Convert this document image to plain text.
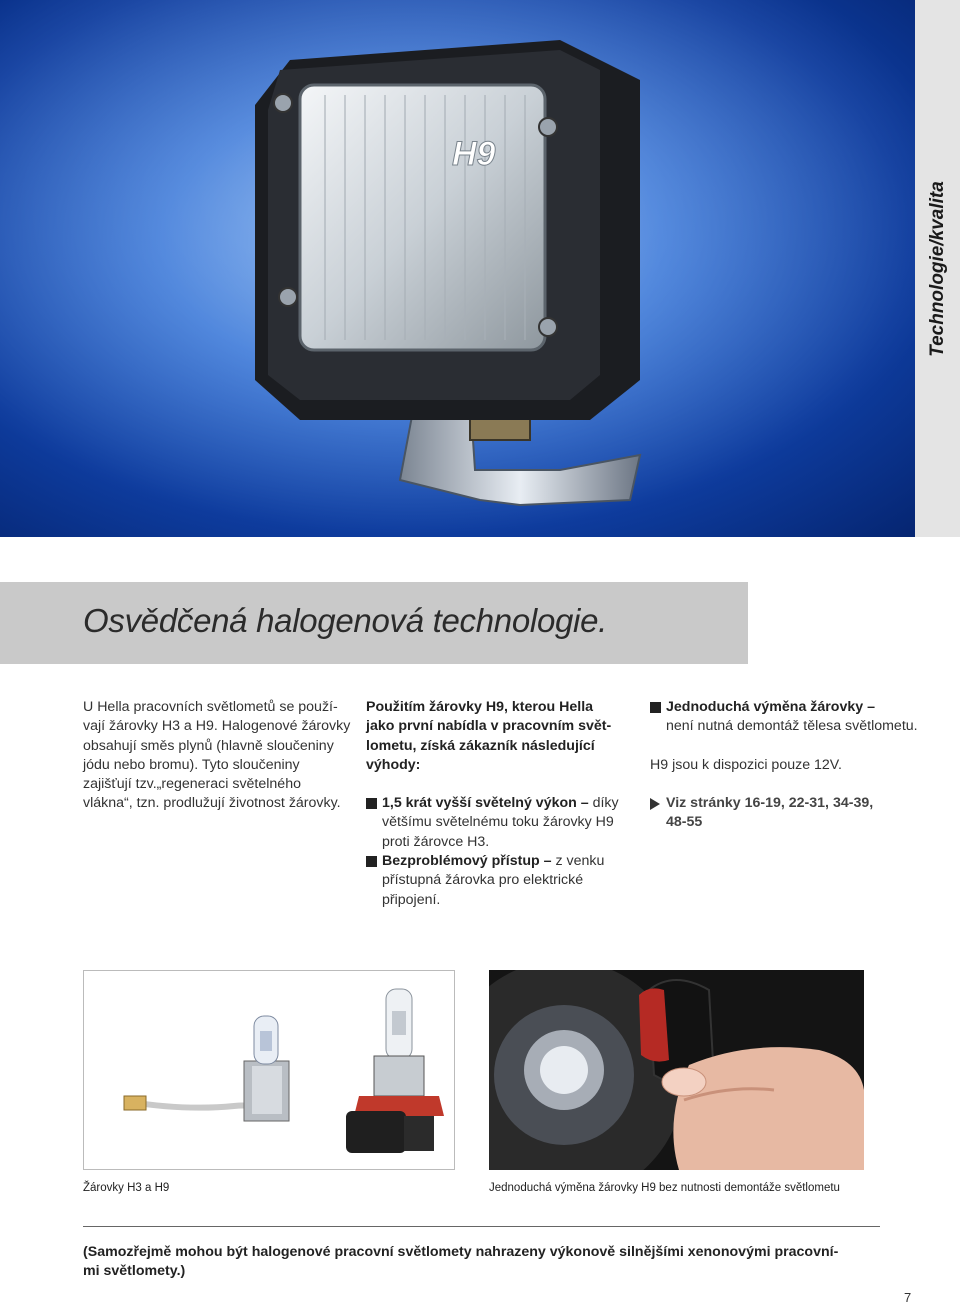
H9
Technologie/kvalita
Osvědčená halogenová technologie.
U Hella pracovních světlometů se použí-
vají žárovky H3 a H9. Halogenové žárovky
obsahují směs plynů (hlavně sloučeniny
jódu nebo bromu). Tyto sloučeniny
zajišťují tzv.„regeneraci světelného
vlákna“, tzn. prodlužují životnost žárovky.
Použitím žárovky H9, kterou Hella
jako první nabídla v pracovním svět-
lometu, získá zákazník následující
výhody:
1,5 krát vyšší světelný výkon – díky
většímu světelnému toku žárovky H9
proti žárovce H3.
Bezproblémový přístup – z venku
přístupná žárovka pro elektrické
připojení.
Jednoduchá výměna žárovky –
není nutná demontáž tělesa světlometu.
H9 jsou k dispozici pouze 12V.
Viz stránky 16-19, 22-31, 34-39,
48-55
Žárovky H3 a H9	Jednoduchá výměna žárovky H9 bez nutnosti demontáže světlometu
(Samozřejmě mohou být halogenové pracovní světlomety nahrazeny výkonově silnějšími xenonovými pracovní-
mi světlomety.)
7
